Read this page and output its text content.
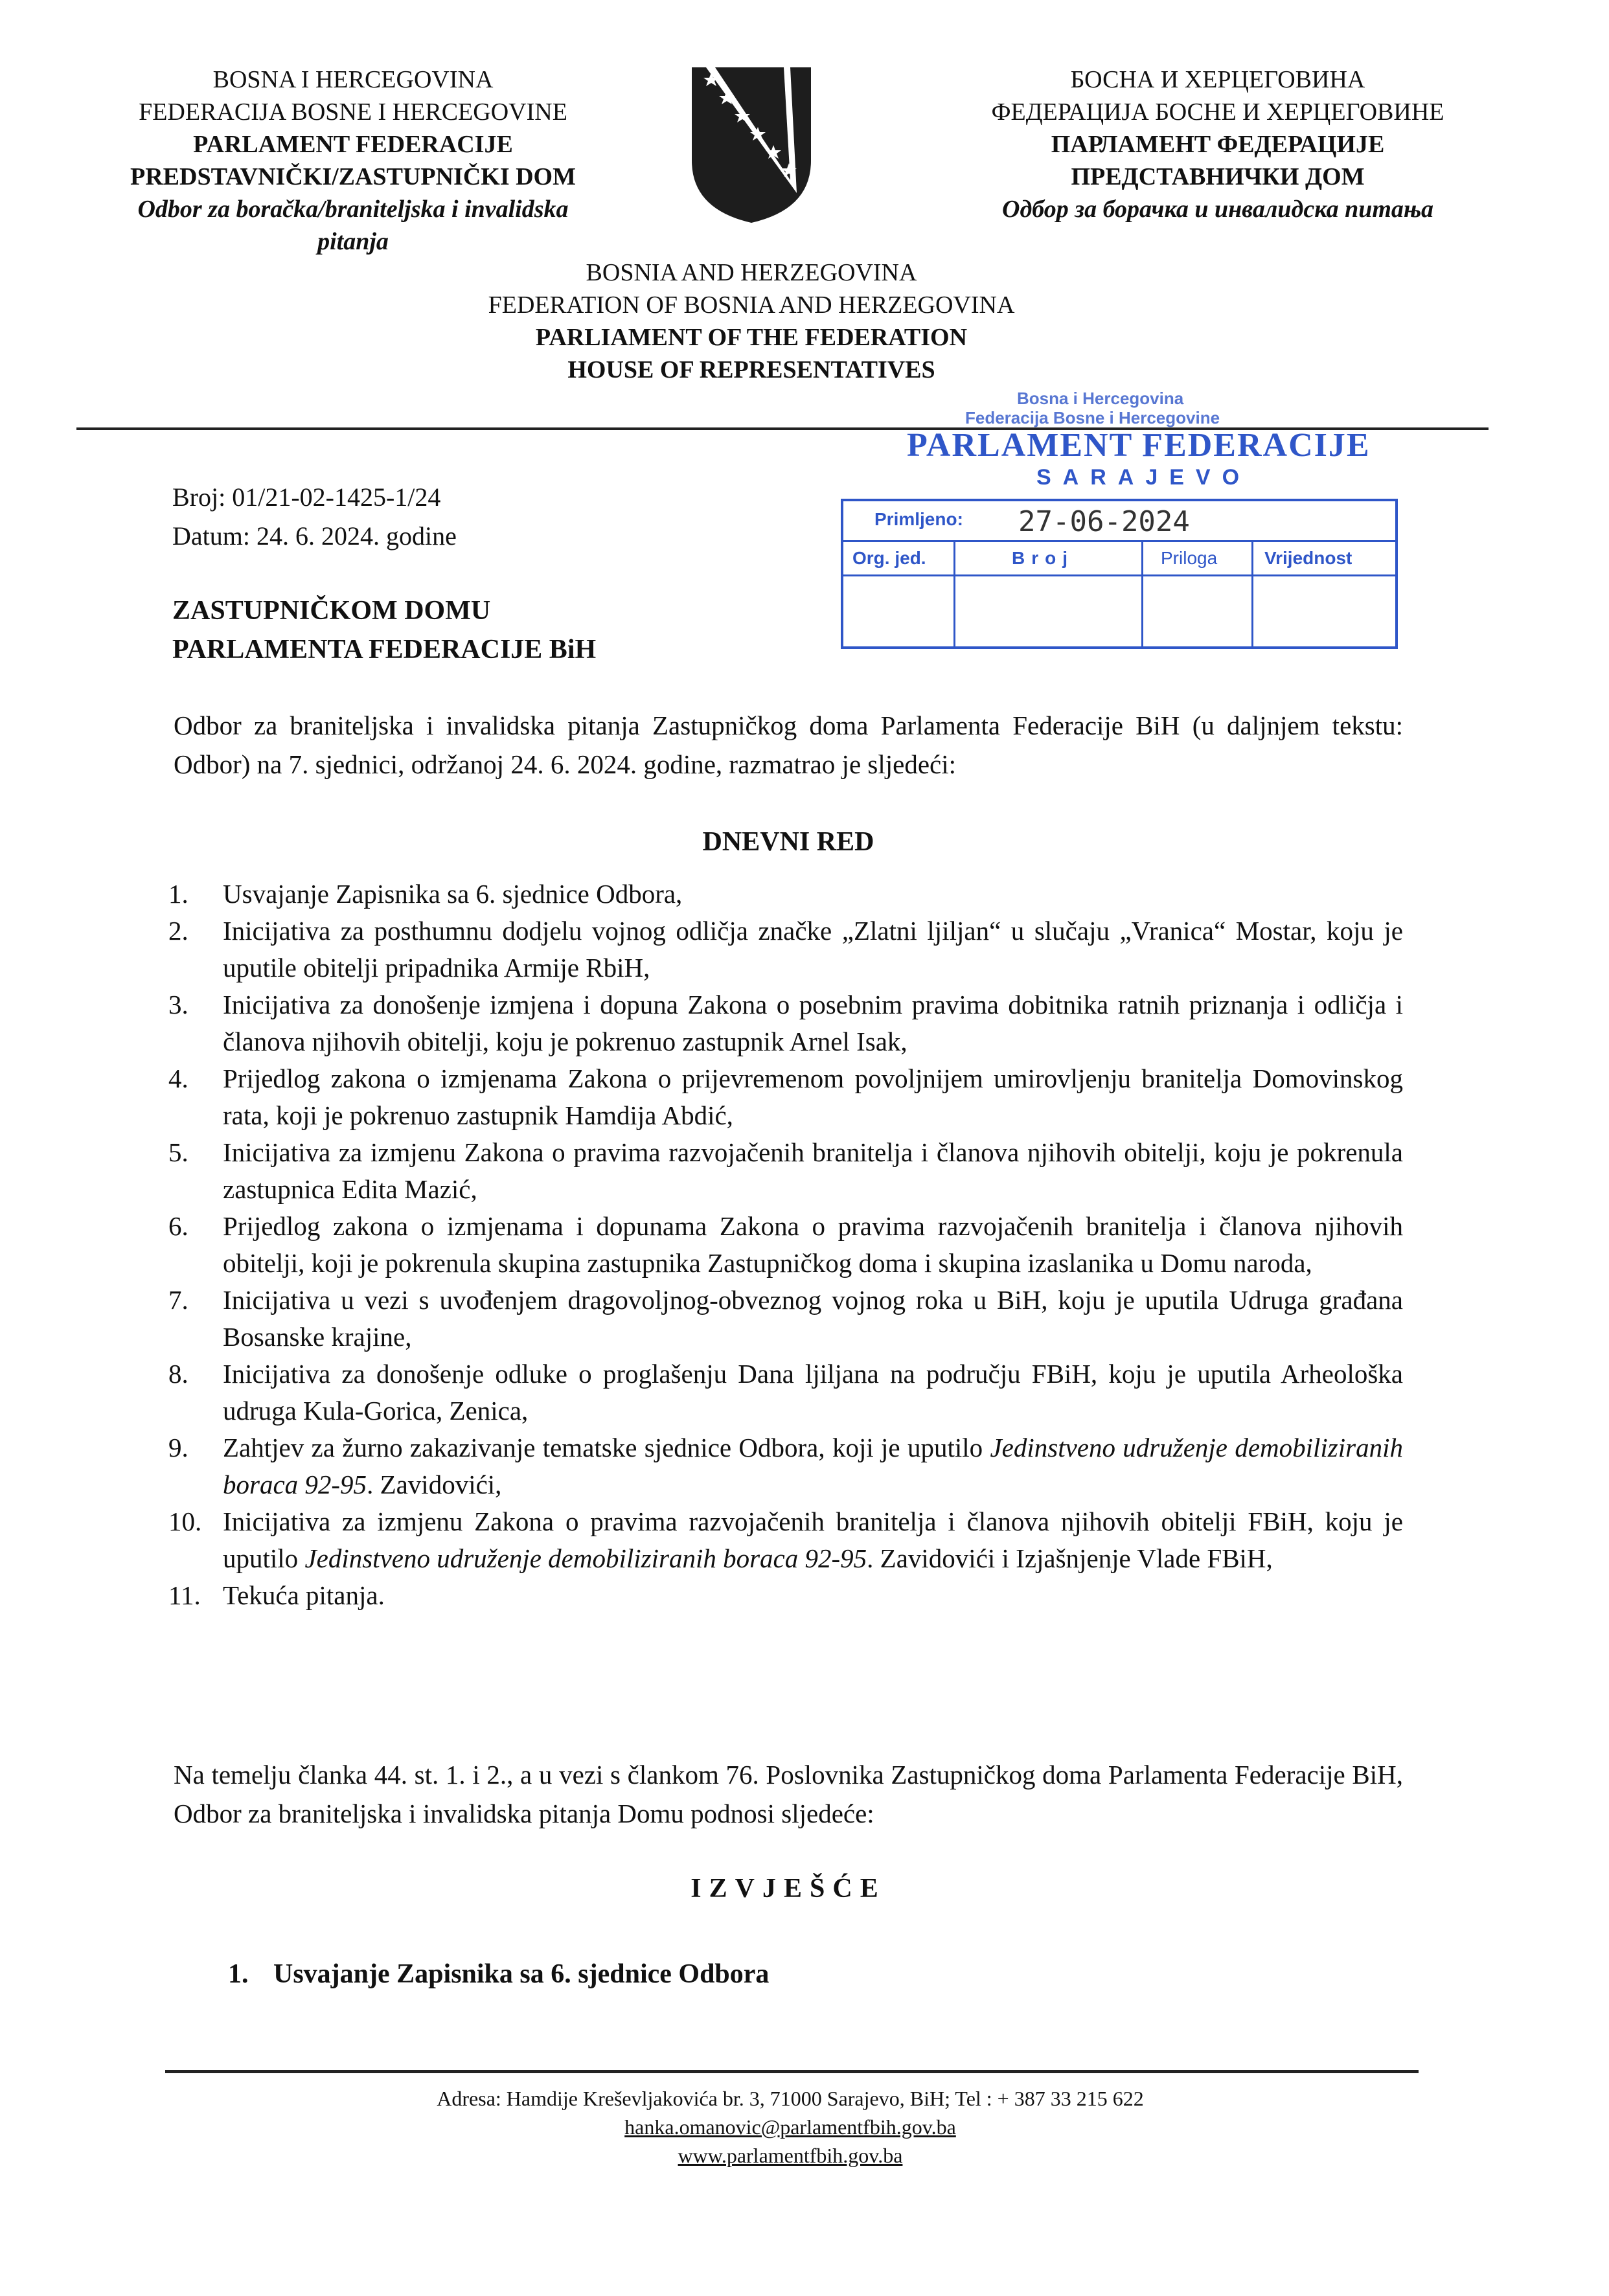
BOSNA I HERCEGOVINA
FEDERACIJA BOSNE I HERCEGOVINE
PARLAMENT FEDERACIJE
PREDSTAVNIČKI/ZASTUPNIČKI DOM
Odbor za boračka/braniteljska i invalidska
pitanja
БОСНА И ХЕРЦЕГОВИНА
ФЕДЕРАЦИЈА БОСНЕ И ХЕРЦЕГОВИНЕ
ПАРЛАМЕНТ ФЕДЕРАЦИЈЕ
ПРЕДСТАВНИЧКИ ДОМ
Одбор за борачка и инвалидска питања
BOSNIA AND HERZEGOVINA
FEDERATION OF BOSNIA AND HERZEGOVINA
PARLIAMENT OF THE FEDERATION
HOUSE OF REPRESENTATIVES
Bosna i Hercegovina
Federacija Bosne i Hercegovine
PARLAMENT FEDERACIJE
SARAJEVO
Primljeno: 27-06-2024
Org. jed.	Broj	Priloga	Vrijednost
Broj: 01/21-02-1425-1/24
Datum: 24. 6. 2024. godine
ZASTUPNIČKOM DOMU
PARLAMENTA FEDERACIJE BiH
Odbor za braniteljska i invalidska pitanja Zastupničkog doma Parlamenta Federacije BiH (u daljnjem tekstu: Odbor) na 7. sjednici, održanoj 24. 6. 2024. godine, razmatrao je sljedeći:
DNEVNI RED
1.	Usvajanje Zapisnika sa 6. sjednice Odbora,
2.	Inicijativa za posthumnu dodjelu vojnog odličja značke „Zlatni ljiljan“ u slučaju „Vranica“ Mostar, koju je uputile obitelji pripadnika Armije RbiH,
3.	Inicijativa za donošenje izmjena i dopuna Zakona o posebnim pravima dobitnika ratnih priznanja i odličja i članova njihovih obitelji, koju je pokrenuo zastupnik Arnel Isak,
4.	Prijedlog zakona o izmjenama Zakona o prijevremenom povoljnijem umirovljenju branitelja Domovinskog rata, koji je pokrenuo zastupnik Hamdija Abdić,
5.	Inicijativa za izmjenu Zakona o pravima razvojačenih branitelja i članova njihovih obitelji, koju je pokrenula zastupnica Edita Mazić,
6.	Prijedlog zakona o izmjenama i dopunama Zakona o pravima razvojačenih branitelja i članova njihovih obitelji, koji je pokrenula skupina zastupnika Zastupničkog doma i skupina izaslanika u Domu naroda,
7.	Inicijativa u vezi s uvođenjem dragovoljnog-obveznog vojnog roka u BiH, koju je uputila Udruga građana Bosanske krajine,
8.	Inicijativa za donošenje odluke o proglašenju Dana ljiljana na području FBiH, koju je uputila Arheološka udruga Kula-Gorica, Zenica,
9.	Zahtjev za žurno zakazivanje tematske sjednice Odbora, koji je uputilo Jedinstveno udruženje demobiliziranih boraca 92-95. Zavidovići,
10. Inicijativa za izmjenu Zakona o pravima razvojačenih branitelja i članova njihovih obitelji FBiH, koju je uputilo Jedinstveno udruženje demobiliziranih boraca 92-95. Zavidovići i Izjašnjenje Vlade FBiH,
11. Tekuća pitanja.
Na temelju članka 44. st. 1. i 2., a u vezi s člankom 76. Poslovnika Zastupničkog doma Parlamenta Federacije BiH, Odbor za braniteljska i invalidska pitanja Domu podnosi sljedeće:
IZVJEŠĆE
1. Usvajanje Zapisnika sa 6. sjednice Odbora
Adresa: Hamdije Kreševljakovića br. 3, 71000 Sarajevo, BiH; Tel : + 387 33 215 622
hanka.omanovic@parlamentfbih.gov.ba
www.parlamentfbih.gov.ba
